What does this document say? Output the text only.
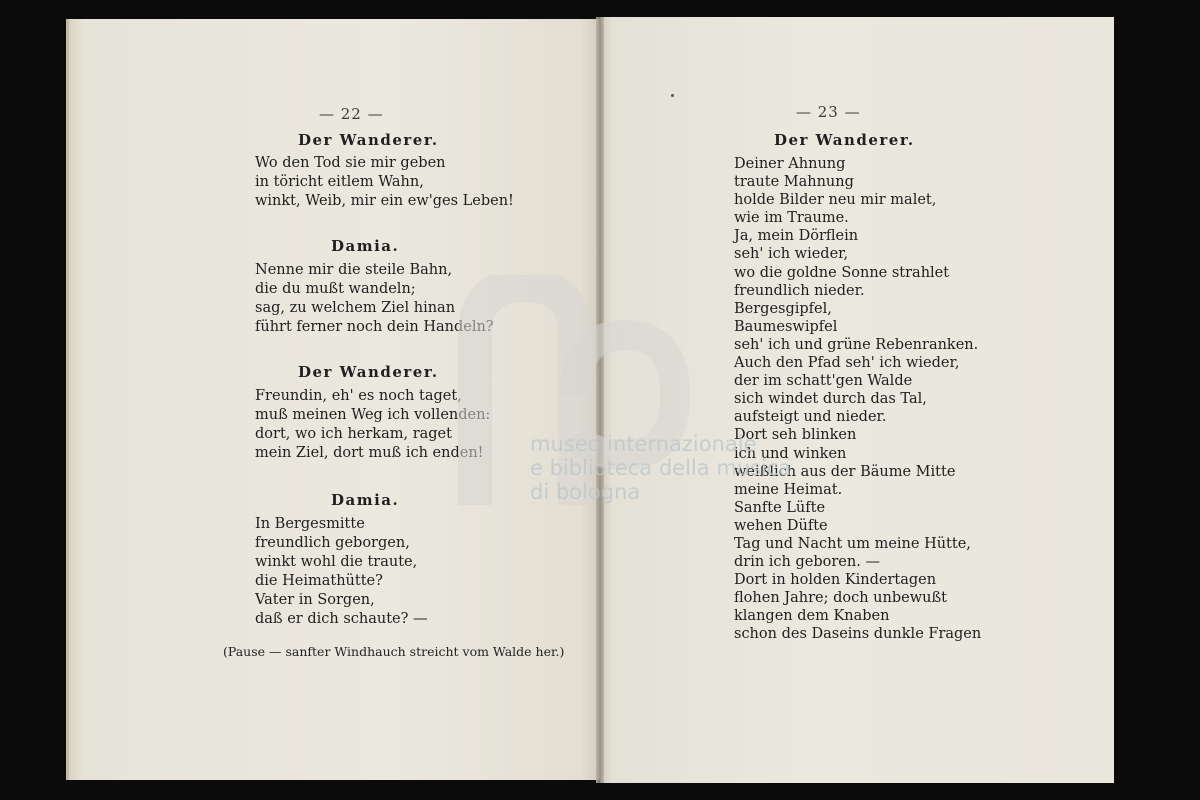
— 22 —
Der Wanderer.
Wo den Tod sie mir geben
in töricht eitlem Wahn,
winkt, Weib, mir ein ew'ges Leben!
Damia.
Nenne mir die steile Bahn,
die du mußt wandeln;
sag, zu welchem Ziel hinan
führt ferner noch dein Handeln?
Der Wanderer.
Freundin, eh' es noch taget,
muß meinen Weg ich vollenden:
dort, wo ich herkam, raget
mein Ziel, dort muß ich enden!
Damia.
In Bergesmitte
freundlich geborgen,
winkt wohl die traute,
die Heimathütte?
Vater in Sorgen,
daß er dich schaute? —
(Pause — sanfter Windhauch streicht vom Walde her.)
— 23 —
Der Wanderer.
Deiner Ahnung
traute Mahnung
holde Bilder neu mir malet,
wie im Traume.
Ja, mein Dörflein
seh' ich wieder,
wo die goldne Sonne strahlet
freundlich nieder.
Bergesgipfel,
Baumeswipfel
seh' ich und grüne Rebenranken.
Auch den Pfad seh' ich wieder,
der im schatt'gen Walde
sich windet durch das Tal,
aufsteigt und nieder.
Dort seh blinken
ich und winken
weißlich aus der Bäume Mitte
meine Heimat.
Sanfte Lüfte
wehen Düfte
Tag und Nacht um meine Hütte,
drin ich geboren. —
Dort in holden Kindertagen
flohen Jahre; doch unbewußt
klangen dem Knaben
schon des Daseins dunkle Fragen
museo internazionale
e biblioteca della musica
di bologna
